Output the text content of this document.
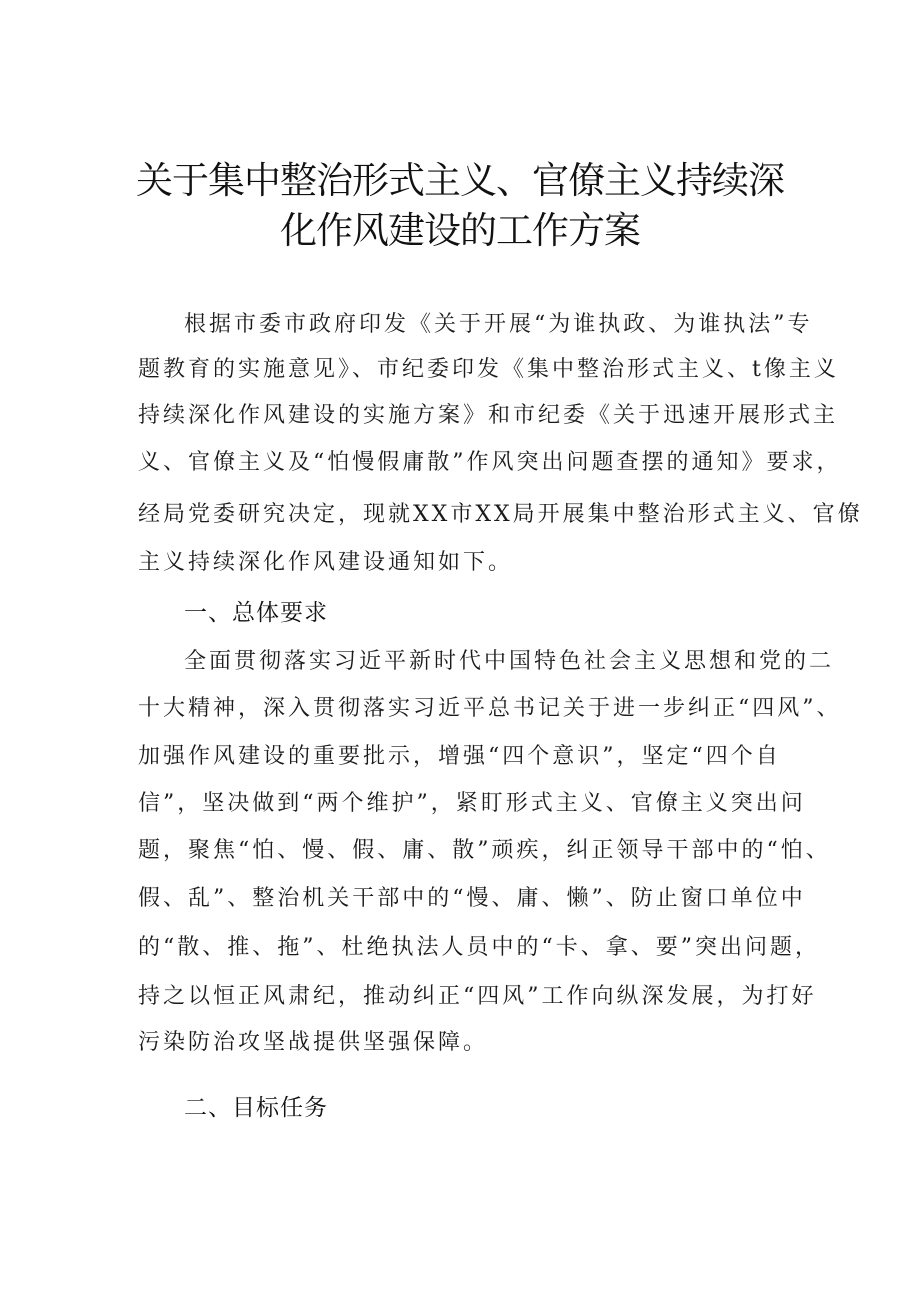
关于集中整治形式主义、官僚主义持续深
化作风建设的工作方案
根据市委市政府印发《关于开展“为谁执政、为谁执法”专
题教育的实施意见》、市纪委印发《集中整治形式主义、t像主义
持续深化作风建设的实施方案》和市纪委《关于迅速开展形式主
义、官僚主义及“怕慢假庸散”作风突出问题查摆的通知》要求，
经局党委研究决定，现就XX市XX局开展集中整治形式主义、官僚
主义持续深化作风建设通知如下。
一、总体要求
全面贯彻落实习近平新时代中国特色社会主义思想和党的二
十大精神，深入贯彻落实习近平总书记关于进一步纠正“四风”、
加强作风建设的重要批示，增强“四个意识”，坚定“四个自
信”，坚决做到“两个维护”，紧盯形式主义、官僚主义突出问
题，聚焦“怕、慢、假、庸、散”顽疾，纠正领导干部中的“怕、
假、乱”、整治机关干部中的“慢、庸、懒”、防止窗口单位中
的“散、推、拖”、杜绝执法人员中的“卡、拿、要”突出问题，
持之以恒正风肃纪，推动纠正“四风”工作向纵深发展，为打好
污染防治攻坚战提供坚强保障。
二、目标任务
